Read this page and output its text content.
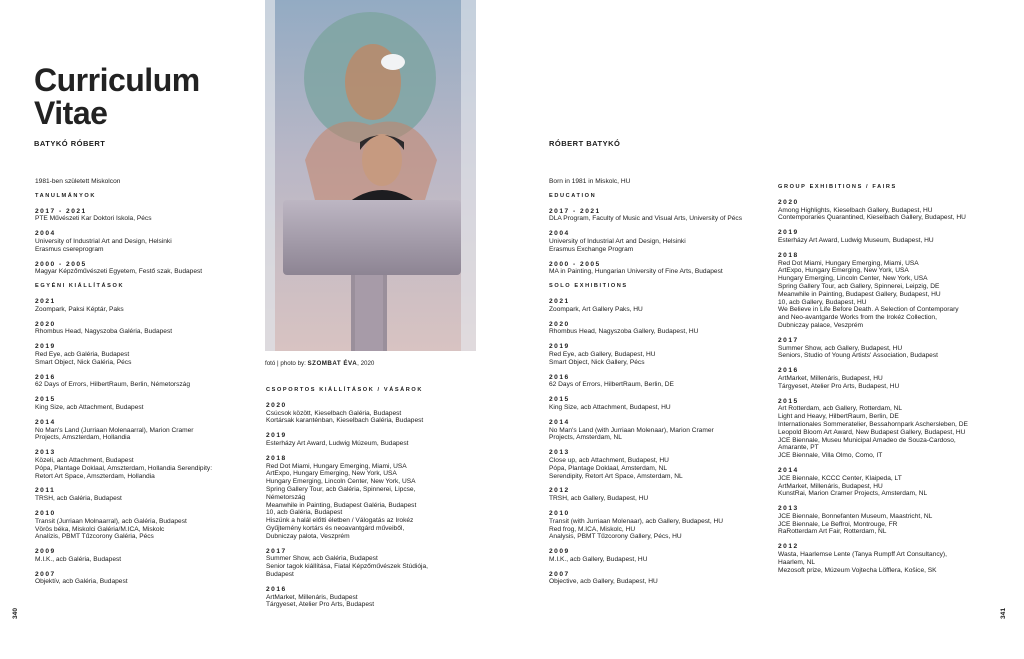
Curriculum
Vitae
BATYKÓ RÓBERT	RÓBERT BATYKÓ
fotó | photo by: SZOMBAT ÉVA, 2020
1981-ben született Miskolcon
TANULMÁNYOK
2017 - 2021
PTE Művészeti Kar Doktori Iskola, Pécs
2004
University of Industrial Art and Design, Helsinki
Erasmus csereprogram
2000 - 2005
Magyar Képzőművészeti Egyetem, Festő szak, Budapest
EGYÉNI KIÁLLÍTÁSOK
2021
Zoompark, Paksi Képtár, Paks
2020
Rhombus Head, Nagyszoba Galéria, Budapest
2019
Red Eye, acb Galéria, Budapest
Smart Object, Nick Galéria, Pécs
2016
62 Days of Errors, HilbertRaum, Berlin, Németország
2015
King Size, acb Attachment, Budapest
2014
No Man's Land (Jurriaan Molenaarral), Marion Cramer
Projects, Amszterdam, Hollandia
2013
Közeli, acb Attachment, Budapest
Pópa, Plantage Doklaal, Amszterdam, Hollandia Serendipity:
Retort Art Space, Amszterdam, Hollandia
2011
TRSH, acb Galéria, Budapest
2010
Transit (Jurriaan Molnaarral), acb Galéria, Budapest
Vörös béka, Miskolci Galéria/M.ICA, Miskolc
Analízis, PBMT Tűzcorony Galéria, Pécs
2009
M.I.K., acb Galéria, Budapest
2007
Objektív, acb Galéria, Budapest
CSOPORTOS KIÁLLÍTÁSOK / VÁSÁROK
2020
Csúcsok között, Kieselbach Galéria, Budapest
Kortársak karanténban, Kieselbach Galéria, Budapest
2019
Esterházy Art Award, Ludwig Múzeum, Budapest
2018
Red Dot Miami, Hungary Emerging, Miami, USA
ArtExpo, Hungary Emerging, New York, USA
Hungary Emerging, Lincoln Center, New York, USA
Spring Gallery Tour, acb Galéria, Spinnerei, Lipcse,
Németország
Meanwhile in Painting, Budapest Galéria, Budapest
10, acb Galéria, Budapest
Hiszünk a halál előtti életben / Válogatás az Irokéz
Gyűjtemény kortárs és neoavantgárd műveiből,
Dubniczay palota, Veszprém
2017
Summer Show, acb Galéria, Budapest
Senior tagok kiállítása, Fiatal Képzőművészek Stúdiója,
Budapest
2016
ArtMarket, Millenáris, Budapest
Tárgyeset, Atelier Pro Arts, Budapest
Born in 1981 in Miskolc, HU
EDUCATION
2017 - 2021
DLA Program, Faculty of Music and Visual Arts, University of Pécs
2004
University of Industrial Art and Design, Helsinki
Erasmus Exchange Program
2000 - 2005
MA in Painting, Hungarian University of Fine Arts, Budapest
SOLO EXHIBITIONS
2021
Zoompark, Art Gallery Paks, HU
2020
Rhombus Head, Nagyszoba Gallery, Budapest, HU
2019
Red Eye, acb Gallery, Budapest, HU
Smart Object, Nick Gallery, Pécs
2016
62 Days of Errors, HilbertRaum, Berlin, DE
2015
King Size, acb Attachment, Budapest, HU
2014
No Man's Land (with Jurriaan Molenaar), Marion Cramer
Projects, Amsterdam, NL
2013
Close up, acb Attachment, Budapest, HU
Pópa, Plantage Doklaal, Amsterdam, NL
Serendipity, Retort Art Space, Amsterdam, NL
2012
TRSH, acb Gallery, Budapest, HU
2010
Transit (with Jurriaan Molenaar), acb Gallery, Budapest, HU
Red frog, M.ICA, Miskolc, HU
Analysis, PBMT Tűzcorony Gallery, Pécs, HU
2009
M.I.K., acb Gallery, Budapest, HU
2007
Objective, acb Gallery, Budapest, HU
GROUP EXHIBITIONS / FAIRS
2020
Among Highlights, Kieselbach Gallery, Budapest, HU
Contemporaries Quarantined, Kieselbach Gallery, Budapest, HU
2019
Esterházy Art Award, Ludwig Museum, Budapest, HU
2018
Red Dot Miami, Hungary Emerging, Miami, USA
ArtExpo, Hungary Emerging, New York, USA
Hungary Emerging, Lincoln Center, New York, USA
Spring Gallery Tour, acb Gallery, Spinnerei, Leipzig, DE
Meanwhile in Painting, Budapest Gallery, Budapest, HU
10, acb Gallery, Budapest, HU
We Believe in Life Before Death. A Selection of Contemporary
and Neo-avantgarde Works from the Irokéz Collection,
Dubniczay palace, Veszprém
2017
Summer Show, acb Gallery, Budapest, HU
Seniors, Studio of Young Artists' Association, Budapest
2016
ArtMarket, Millenáris, Budapest, HU
Tárgyeset, Atelier Pro Arts, Budapest, HU
2015
Art Rotterdam, acb Gallery, Rotterdam, NL
Light and Heavy, HilbertRaum, Berlin, DE
Internationales Sommeratelier, Bessahornpark Aschersleben, DE
Leopold Bloom Art Award, New Budapest Gallery, Budapest, HU
JCE Biennale, Museu Municipal Amadeo de Souza-Cardoso,
Amarante, PT
JCE Biennale, Villa Olmo, Como, IT
2014
JCE Biennale, KCCC Center, Klaipeda, LT
ArtMarket, Millenáris, Budapest, HU
KunstRai, Marion Cramer Projects, Amsterdam, NL
2013
JCE Biennale, Bonnefanten Museum, Maastricht, NL
JCE Biennale, Le Beffroi, Montrouge, FR
RaRotterdam Art Fair, Rotterdam, NL
2012
Wasta, Haarlemse Lente (Tanya Rumpff Art Consultancy),
Haarlem, NL
Mezosoft prize, Múzeum Vojtecha Löfflera, Košice, SK
340	341
